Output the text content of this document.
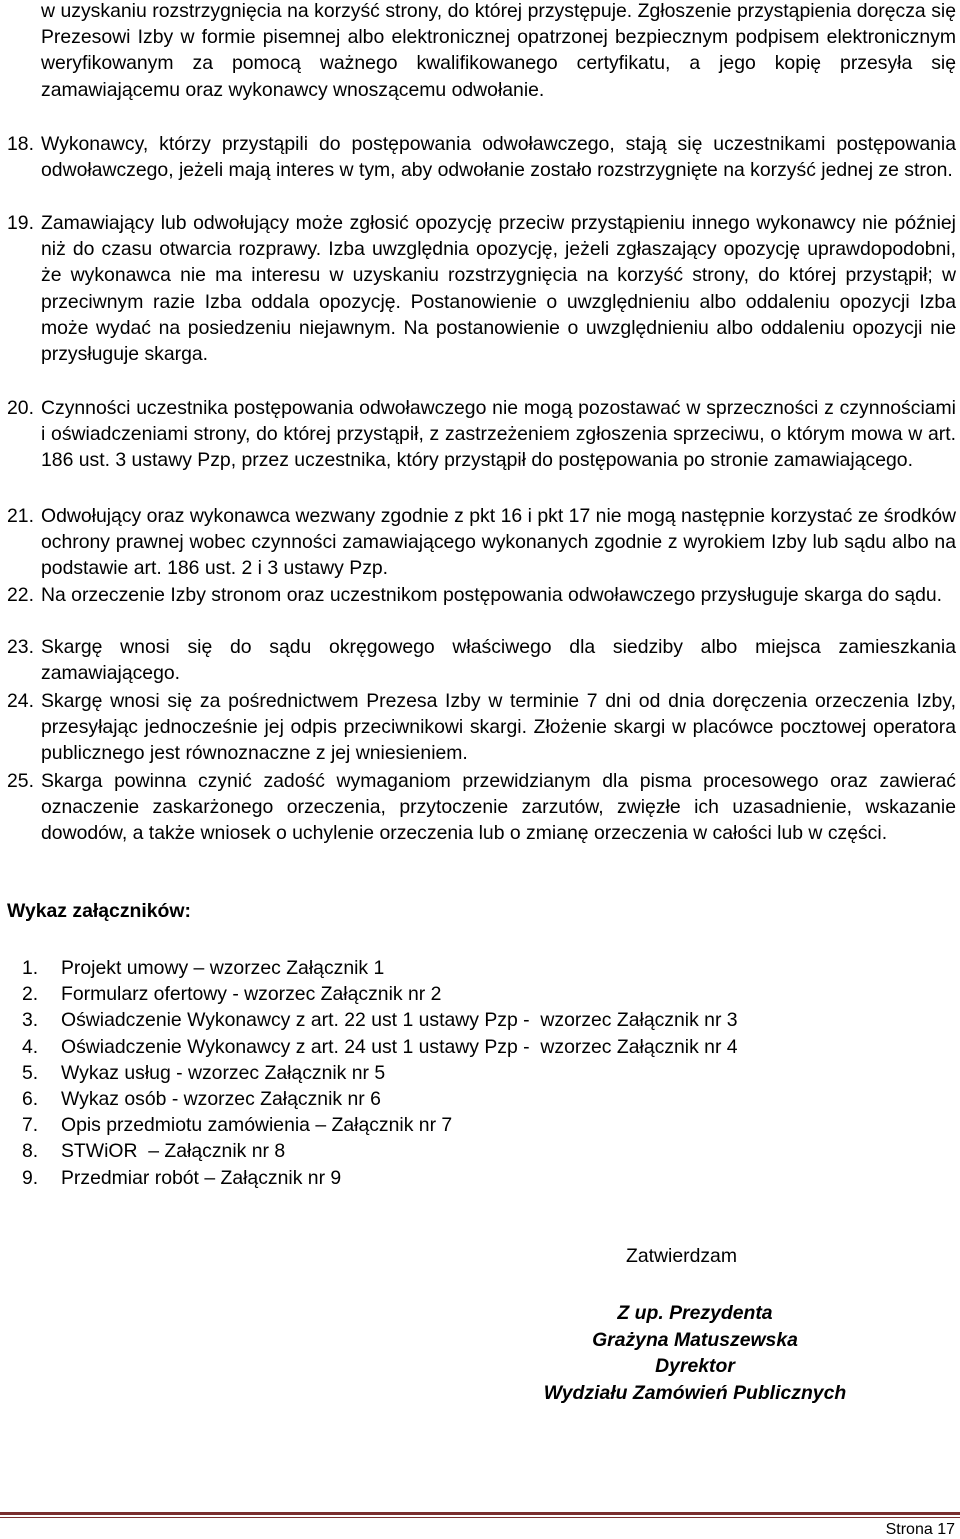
w uzyskaniu rozstrzygnięcia na korzyść strony, do której przystępuje. Zgłoszenie przystąpienia doręcza się Prezesowi Izby w formie pisemnej albo elektronicznej opatrzonej bezpiecznym podpisem elektronicznym weryfikowanym za pomocą ważnego kwalifikowanego certyfikatu, a jego kopię przesyła się zamawiającemu oraz wykonawcy wnoszącemu odwołanie.
18. Wykonawcy, którzy przystąpili do postępowania odwoławczego, stają się uczestnikami postępowania odwoławczego, jeżeli mają interes w tym, aby odwołanie zostało rozstrzygnięte na korzyść jednej ze stron.
19. Zamawiający lub odwołujący może zgłosić opozycję przeciw przystąpieniu innego wykonawcy nie później niż do czasu otwarcia rozprawy. Izba uwzględnia opozycję, jeżeli zgłaszający opozycję uprawdopodobni, że wykonawca nie ma interesu w uzyskaniu rozstrzygnięcia na korzyść strony, do której przystąpił; w przeciwnym razie Izba oddala opozycję. Postanowienie o uwzględnieniu albo oddaleniu opozycji Izba może wydać na posiedzeniu niejawnym. Na postanowienie o uwzględnieniu albo oddaleniu opozycji nie przysługuje skarga.
20. Czynności uczestnika postępowania odwoławczego nie mogą pozostawać w sprzeczności z czynnościami i oświadczeniami strony, do której przystąpił, z zastrzeżeniem zgłoszenia sprzeciwu, o którym mowa w art. 186 ust. 3 ustawy Pzp, przez uczestnika, który przystąpił do postępowania po stronie zamawiającego.
21. Odwołujący oraz wykonawca wezwany zgodnie z pkt 16 i pkt 17 nie mogą następnie korzystać ze środków ochrony prawnej wobec czynności zamawiającego wykonanych zgodnie z wyrokiem Izby lub sądu albo na podstawie art. 186 ust. 2 i 3 ustawy Pzp.
22. Na orzeczenie Izby stronom oraz uczestnikom postępowania odwoławczego przysługuje skarga do sądu.
23. Skargę wnosi się do sądu okręgowego właściwego dla siedziby albo miejsca zamieszkania zamawiającego.
24. Skargę wnosi się za pośrednictwem Prezesa Izby w terminie 7 dni od dnia doręczenia orzeczenia Izby, przesyłając jednocześnie jej odpis przeciwnikowi skargi. Złożenie skargi w placówce pocztowej operatora publicznego jest równoznaczne z jej wniesieniem.
25. Skarga powinna czynić zadość wymaganiom przewidzianym dla pisma procesowego oraz zawierać oznaczenie zaskarżonego orzeczenia, przytoczenie zarzutów, zwięzłe ich uzasadnienie, wskazanie dowodów, a także wniosek o uchylenie orzeczenia lub o zmianę orzeczenia w całości lub w części.
Wykaz załączników:
1. Projekt umowy – wzorzec Załącznik 1
2. Formularz ofertowy - wzorzec Załącznik nr 2
3. Oświadczenie Wykonawcy z art. 22 ust 1 ustawy Pzp -  wzorzec Załącznik nr 3
4. Oświadczenie Wykonawcy z art. 24 ust 1 ustawy Pzp -  wzorzec Załącznik nr 4
5. Wykaz usług - wzorzec Załącznik nr 5
6. Wykaz osób - wzorzec Załącznik nr 6
7. Opis przedmiotu zamówienia – Załącznik nr 7
8. STWiOR  – Załącznik nr 8
9. Przedmiar robót – Załącznik nr 9
Zatwierdzam
Z up. Prezydenta
Grażyna Matuszewska
Dyrektor
Wydziału Zamówień Publicznych
Strona 17
